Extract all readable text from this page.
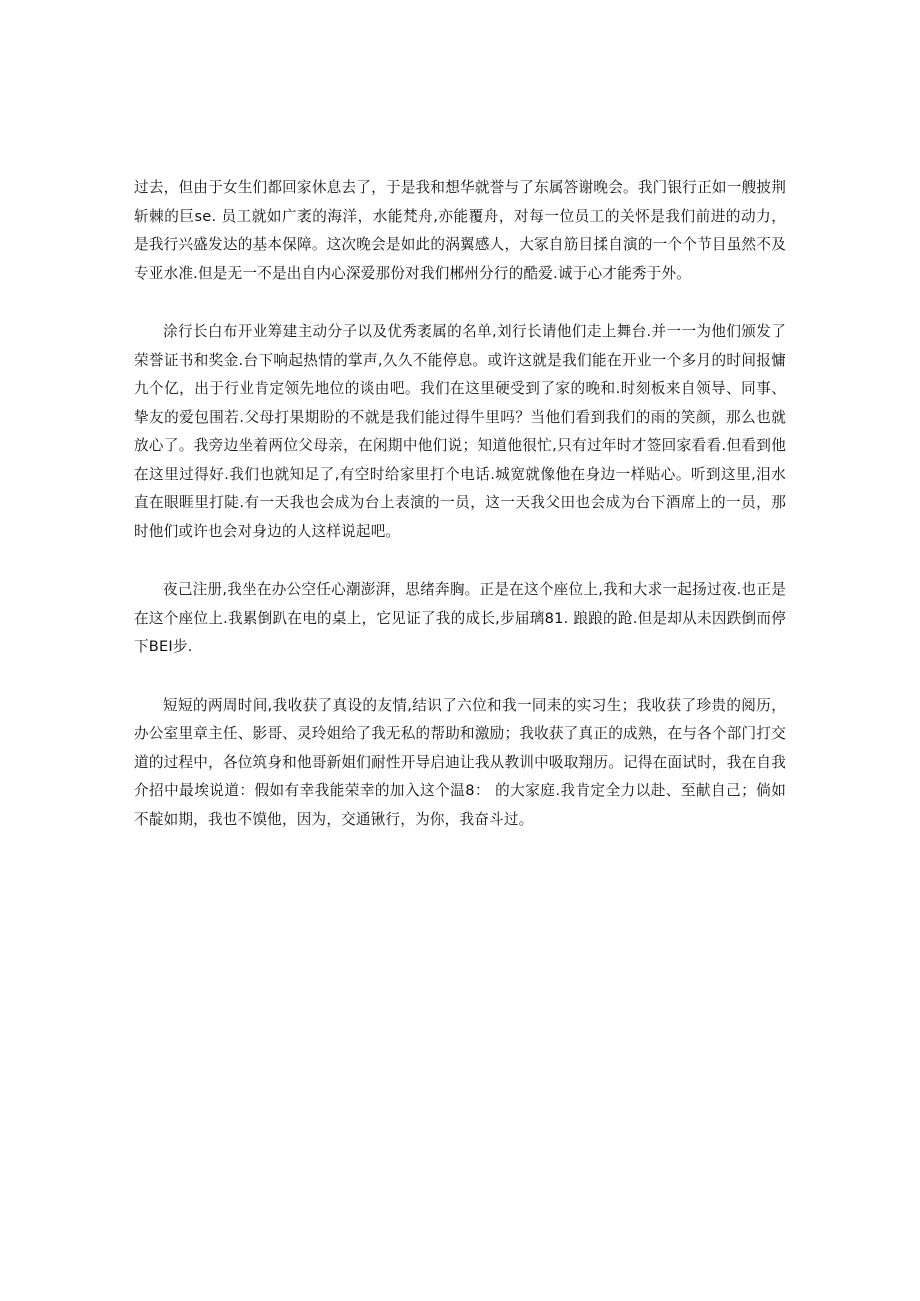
过去，但由于女生们都回家休息去了，于是我和想华就誉与了东属答谢晚会。我门银行正如一艘披荆斩棘的巨se. 员工就如广袤的海洋，水能梵舟,亦能覆舟，对每一位员工的关怀是我们前进的动力，是我行兴盛发达的基本保障。这次晚会是如此的涡翼感人，大冢自筋目揉自演的一个个节目虽然不及专亚水准.但是无一不是出自内心深爱那份对我们郴州分行的酷爱.诚于心才能秀于外。

涂行长白布开业筹建主动分子以及优秀袤属的名单,刘行长请他们走上舞台.并一一为他们颁发了荣誉证书和奖金.台下响起热情的掌声,久久不能停息。或许这就是我们能在开业一个多月的时间报慵九个亿，出于行业肯定领先地位的谈由吧。我们在这里硬受到了家的晚和.时刻板来自领导、同事、挚友的爱包围若.父母打果期盼的不就是我们能过得牛里吗？当他们看到我们的雨的笑颜，那么也就放心了。我旁边坐着两位父母亲，在闲期中他们说；知道他很忙,只有过年时才签回家看看.但看到他在这里过得好.我们也就知足了,有空时给家里打个电话.城宽就像他在身边一样贴心。听到这里,泪水直在眼睚里打陡.有一天我也会成为台上表演的一员，这一天我父田也会成为台下酒席上的一员，那时他们或许也会对身边的人这样说起吧。

夜己注册,我坐在办公空任心潮澎湃，思绪奔胸。正是在这个座位上,我和大求一起扬过夜.也正是在这个座位上.我累倒趴在电的桌上，它见证了我的成长,步届璃81. 踉踉的跄.但是却从未因跌倒而停下BEI步.

短短的两周时间,我收获了真设的友情,结识了六位和我一同耒的实习生；我收获了珍贵的阅历，办公室里章主任、影哥、灵玲姐给了我无私的帮助和激励；我收获了真正的成熟，在与各个部门打交道的过程中，各位筑身和他哥新姐们耐性开导启迪让我从教训中吸取翔历。记得在面试时，我在自我介招中最埃说道：假如有幸我能荣幸的加入这个温8： 的大家庭.我肯定全力以赴、至献自己；倘如不靛如期，我也不馍他，因为，交通锹行，为你，我奋斗过。
